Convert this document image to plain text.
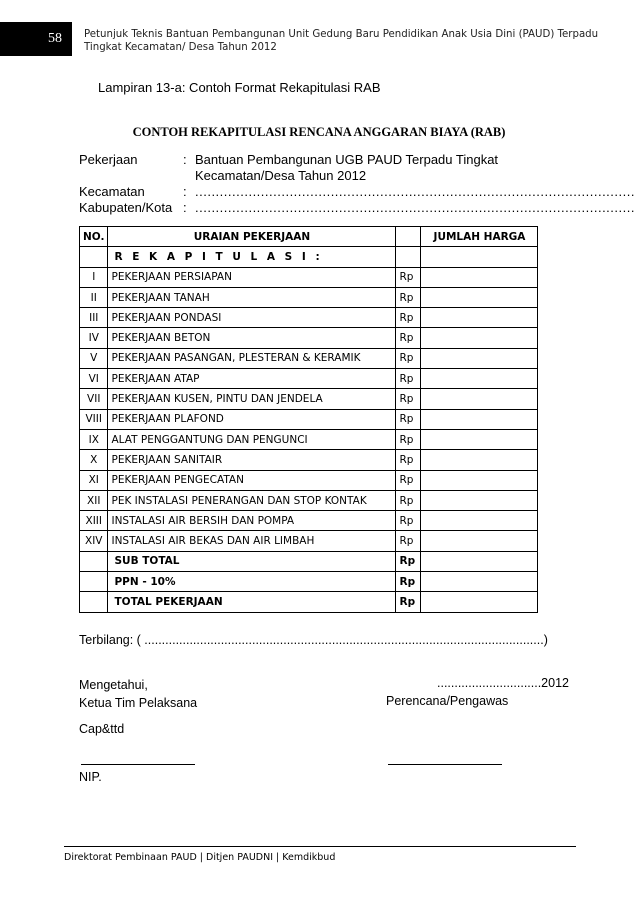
58 Petunjuk Teknis Bantuan Pembangunan Unit Gedung Baru Pendidikan Anak Usia Dini (PAUD) Terpadu
Tingkat Kecamatan/ Desa Tahun 2012
Lampiran 13-a: Contoh Format Rekapitulasi RAB
CONTOH REKAPITULASI RENCANA ANGGARAN BIAYA (RAB)
Pekerjaan	: Bantuan Pembangunan UGB PAUD Terpadu Tingkat
Kecamatan/Desa Tahun 2012
Kecamatan	: ...........................................................................................................
Kabupaten/Kota : ...........................................................................................................
NO.	URAIAN PEKERJAAN		JUMLAH HARGA
	R E K A P I T U L A S I :		
I	PEKERJAAN PERSIAPAN	Rp	
II	PEKERJAAN TANAH	Rp	
III	PEKERJAAN PONDASI	Rp	
IV	PEKERJAAN BETON	Rp	
V	PEKERJAAN PASANGAN, PLESTERAN & KERAMIK	Rp	
VI	PEKERJAAN ATAP	Rp	
VII	PEKERJAAN KUSEN, PINTU DAN JENDELA	Rp	
VIII	PEKERJAAN PLAFOND	Rp	
IX	ALAT PENGGANTUNG DAN PENGUNCI	Rp	
X	PEKERJAAN SANITAIR	Rp	
XI	PEKERJAAN PENGECATAN	Rp	
XII	PEK INSTALASI PENERANGAN DAN STOP KONTAK	Rp	
XIII	INSTALASI AIR BERSIH DAN POMPA	Rp	
XIV	INSTALASI AIR BEKAS DAN AIR LIMBAH	Rp	
	SUB TOTAL	Rp	
	PPN - 10%	Rp	
	TOTAL PEKERJAAN	Rp	
Terbilang: ( ...................................................................................................................)
Mengetahui,
Ketua Tim Pelaksana
..............................2012
Perencana/Pengawas
Cap&ttd
NIP.
Direktorat Pembinaan PAUD | Ditjen PAUDNI | Kemdikbud
